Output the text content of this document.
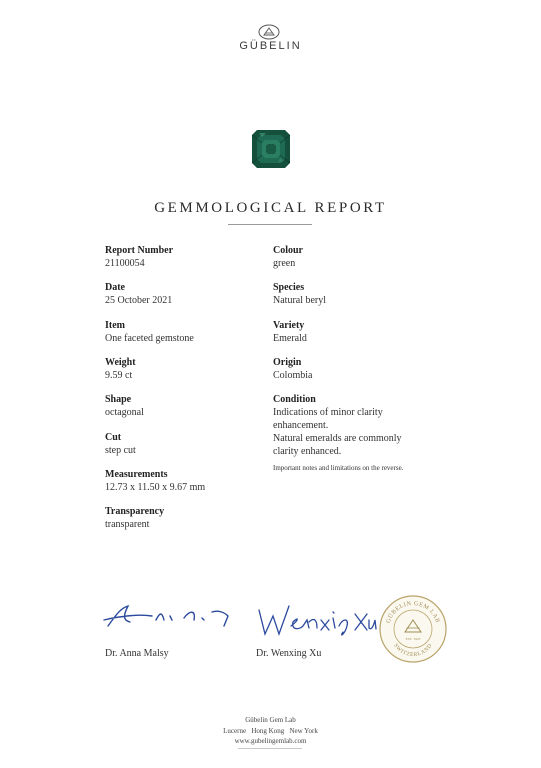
GÜBELIN
GEMMOLOGICAL REPORT
Report Number
21100054
Date
25 October 2021
Item
One faceted gemstone
Weight
9.59 ct
Shape
octagonal
Cut
step cut
Measurements
12.73 x 11.50 x 9.67 mm
Transparency
transparent
Colour
green
Species
Natural beryl
Variety
Emerald
Origin
Colombia
Condition
Indications of minor clarity
enhancement.
Natural emeralds are commonly
clarity enhanced.
Important notes and limitations on the reverse.
Dr. Anna Malsy	Dr. Wenxing Xu
GÜBELIN GEM LAB
SWITZERLAND
EST. 1923
Gübelin Gem Lab
Lucerne   Hong Kong   New York
www.gubelingemlab.com
